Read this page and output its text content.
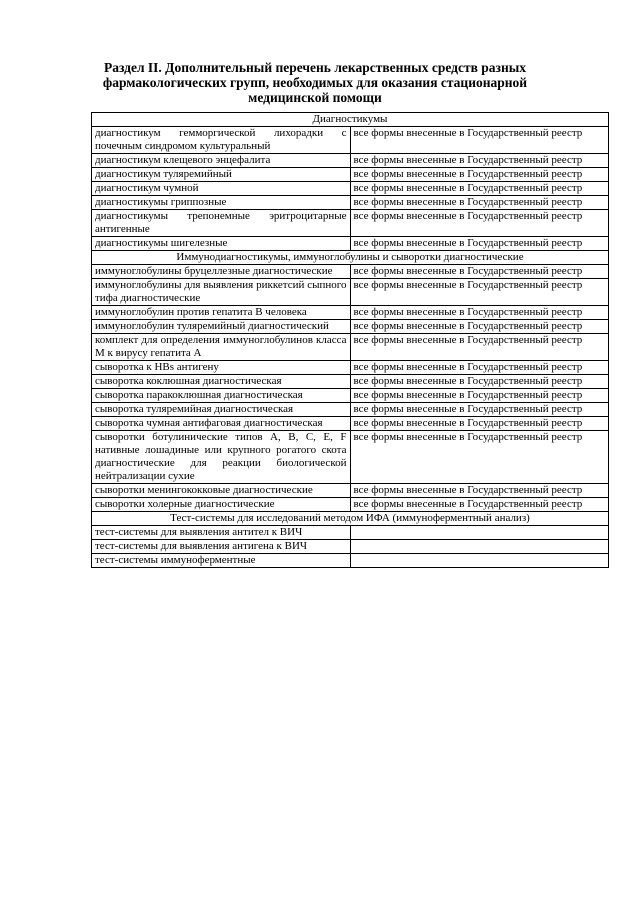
Раздел II. Дополнительный перечень лекарственных средств разных фармакологических групп, необходимых для оказания стационарной медицинской помощи
Диагностикумы	
диагностикум гемморгической лихорадки с почечным синдромом культуральный	все формы внесенные в Государственный реестр
диагностикум клещевого энцефалита	все формы внесенные в Государственный реестр
диагностикум туляремийный	все формы внесенные в Государственный реестр
диагностикум чумной	все формы внесенные в Государственный реестр
диагностикумы гриппозные	все формы внесенные в Государственный реестр
диагностикумы трепонемные эритроцитарные антигенные	все формы внесенные в Государственный реестр
диагностикумы шигелезные	все формы внесенные в Государственный реестр
Иммунодиагностикумы, иммуноглобулины и сыворотки диагностические	
иммуноглобулины бруцеллезные диагностические	все формы внесенные в Государственный реестр
иммуноглобулины для выявления риккетсий сыпного тифа диагностические	все формы внесенные в Государственный реестр
иммуноглобулин против гепатита В человека	все формы внесенные в Государственный реестр
иммуноглобулин туляремийный диагностический	все формы внесенные в Государственный реестр
комплект для определения иммуноглобулинов класса М к вирусу гепатита А	все формы внесенные в Государственный реестр
сыворотка к HBs антигену	все формы внесенные в Государственный реестр
сыворотка коклюшная диагностическая	все формы внесенные в Государственный реестр
сыворотка паракоклюшная диагностическая	все формы внесенные в Государственный реестр
сыворотка туляремийная диагностическая	все формы внесенные в Государственный реестр
сыворотка чумная антифаговая диагностическая	все формы внесенные в Государственный реестр
сыворотки ботулинические типов А, В, С, Е, F нативные лошадиные или крупного рогатого скота диагностические для реакции биологической нейтрализации сухие	все формы внесенные в Государственный реестр
сыворотки менингококковые диагностические	все формы внесенные в Государственный реестр
сыворотки холерные диагностические	все формы внесенные в Государственный реестр
Тест-системы для исследований методом ИФА (иммуноферментный анализ)	
тест-системы для выявления антител к ВИЧ	
тест-системы для выявления антигена к ВИЧ	
тест-системы иммуноферментные	
